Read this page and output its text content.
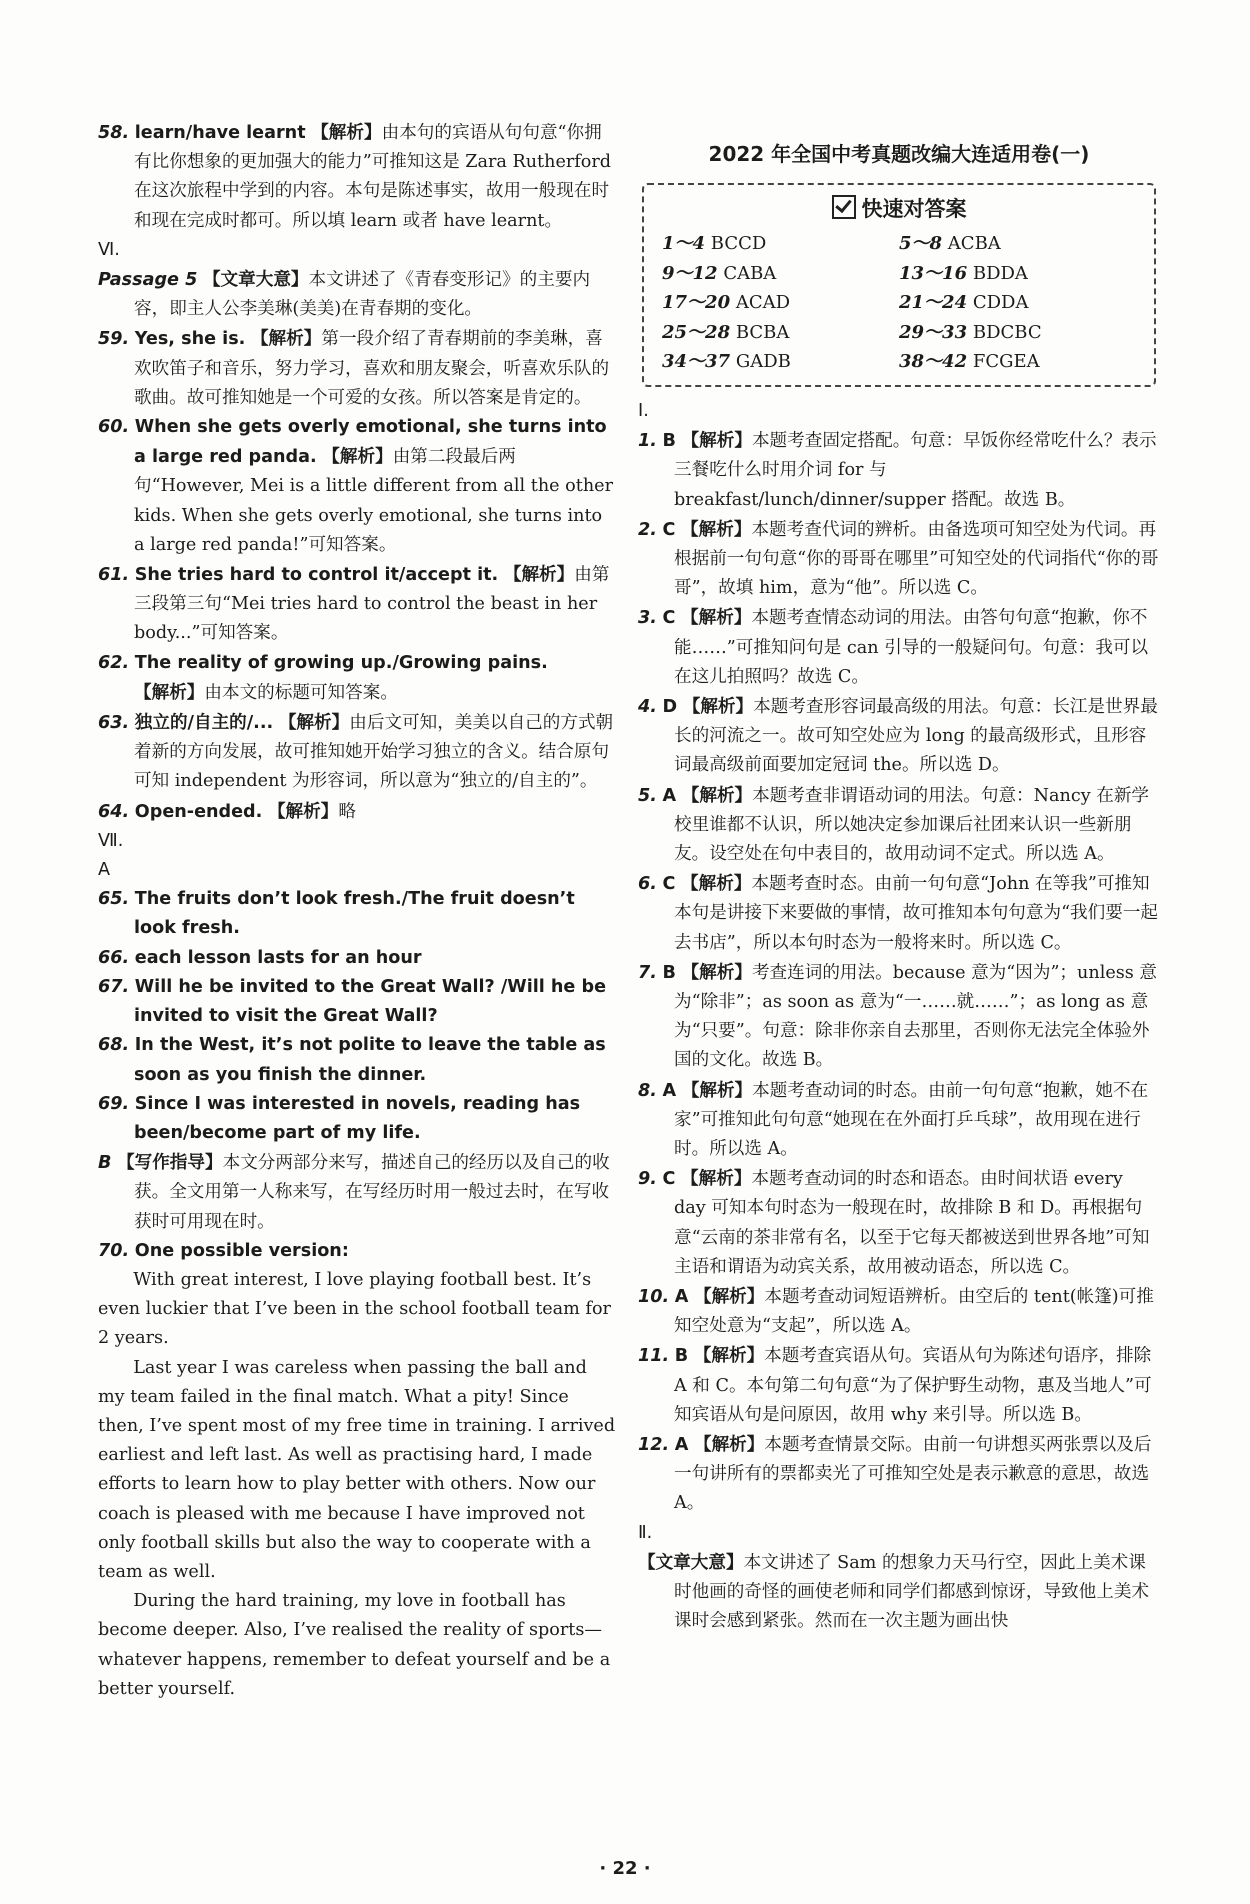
58. learn/have learnt 【解析】由本句的宾语从句句意“你拥有比你想象的更加强大的能力”可推知这是 Zara Rutherford 在这次旅程中学到的内容。本句是陈述事实，故用一般现在时和现在完成时都可。所以填 learn 或者 have learnt。

Ⅵ.

Passage 5 【文章大意】本文讲述了《青春变形记》的主要内容，即主人公李美琳(美美)在青春期的变化。

59. Yes, she is. 【解析】第一段介绍了青春期前的李美琳，喜欢吹笛子和音乐，努力学习，喜欢和朋友聚会，听喜欢乐队的歌曲。故可推知她是一个可爱的女孩。所以答案是肯定的。

60. When she gets overly emotional, she turns into a large red panda. 【解析】由第二段最后两句“However, Mei is a little different from all the other kids. When she gets overly emotional, she turns into a large red panda!”可知答案。

61. She tries hard to control it/accept it. 【解析】由第三段第三句“Mei tries hard to control the beast in her body...”可知答案。

62. The reality of growing up./Growing pains. 【解析】由本文的标题可知答案。

63. 独立的/自主的/... 【解析】由后文可知，美美以自己的方式朝着新的方向发展，故可推知她开始学习独立的含义。结合原句可知 independent 为形容词，所以意为“独立的/自主的”。

64. Open-ended. 【解析】略

Ⅶ.

A

65. The fruits don’t look fresh./The fruit doesn’t look fresh.

66. each lesson lasts for an hour

67. Will he be invited to the Great Wall? /Will he be invited to visit the Great Wall?

68. In the West, it’s not polite to leave the table as soon as you finish the dinner.

69. Since I was interested in novels, reading has been/become part of my life.

B 【写作指导】本文分两部分来写，描述自己的经历以及自己的收获。全文用第一人称来写，在写经历时用一般过去时，在写收获时可用现在时。

70. One possible version:

With great interest, I love playing football best. It’s even luckier that I’ve been in the school football team for 2 years.

Last year I was careless when passing the ball and my team failed in the final match. What a pity! Since then, I’ve spent most of my free time in training. I arrived earliest and left last. As well as practising hard, I made efforts to learn how to play better with others. Now our coach is pleased with me because I have improved not only football skills but also the way to cooperate with a team as well.

During the hard training, my love in football has become deeper. Also, I’ve realised the reality of sports—whatever happens, remember to defeat yourself and be a better yourself.

2022 年全国中考真题改编大连适用卷(一)
快速对答案
1～4 BCCD	5～8 ACBA
9～12 CABA	13～16 BDDA
17～20 ACAD	21～24 CDDA
25～28 BCBA	29～33 BDCBC
34～37 GADB	38～42 FCGEA

Ⅰ.

1. B 【解析】本题考查固定搭配。句意：早饭你经常吃什么？表示三餐吃什么时用介词 for 与 breakfast/lunch/dinner/supper 搭配。故选 B。

2. C 【解析】本题考查代词的辨析。由备选项可知空处为代词。再根据前一句句意“你的哥哥在哪里”可知空处的代词指代“你的哥哥”，故填 him，意为“他”。所以选 C。

3. C 【解析】本题考查情态动词的用法。由答句句意“抱歉，你不能……”可推知问句是 can 引导的一般疑问句。句意：我可以在这儿拍照吗？故选 C。

4. D 【解析】本题考查形容词最高级的用法。句意：长江是世界最长的河流之一。故可知空处应为 long 的最高级形式，且形容词最高级前面要加定冠词 the。所以选 D。

5. A 【解析】本题考查非谓语动词的用法。句意：Nancy 在新学校里谁都不认识，所以她决定参加课后社团来认识一些新朋友。设空处在句中表目的，故用动词不定式。所以选 A。

6. C 【解析】本题考查时态。由前一句句意“John 在等我”可推知本句是讲接下来要做的事情，故可推知本句句意为“我们要一起去书店”，所以本句时态为一般将来时。所以选 C。

7. B 【解析】考查连词的用法。because 意为“因为”；unless 意为“除非”；as soon as 意为“一……就……”；as long as 意为“只要”。句意：除非你亲自去那里，否则你无法完全体验外国的文化。故选 B。

8. A 【解析】本题考查动词的时态。由前一句句意“抱歉，她不在家”可推知此句句意“她现在在外面打乒乓球”，故用现在进行时。所以选 A。

9. C 【解析】本题考查动词的时态和语态。由时间状语 every day 可知本句时态为一般现在时，故排除 B 和 D。再根据句意“云南的茶非常有名，以至于它每天都被送到世界各地”可知主语和谓语为动宾关系，故用被动语态，所以选 C。

10. A 【解析】本题考查动词短语辨析。由空后的 tent(帐篷)可推知空处意为“支起”，所以选 A。

11. B 【解析】本题考查宾语从句。宾语从句为陈述句语序，排除 A 和 C。本句第二句句意“为了保护野生动物，惠及当地人”可知宾语从句是问原因，故用 why 来引导。所以选 B。

12. A 【解析】本题考查情景交际。由前一句讲想买两张票以及后一句讲所有的票都卖光了可推知空处是表示歉意的意思，故选 A。

Ⅱ.

【文章大意】本文讲述了 Sam 的想象力天马行空，因此上美术课时他画的奇怪的画使老师和同学们都感到惊讶，导致他上美术课时会感到紧张。然而在一次主题为画出快

· 22 ·
